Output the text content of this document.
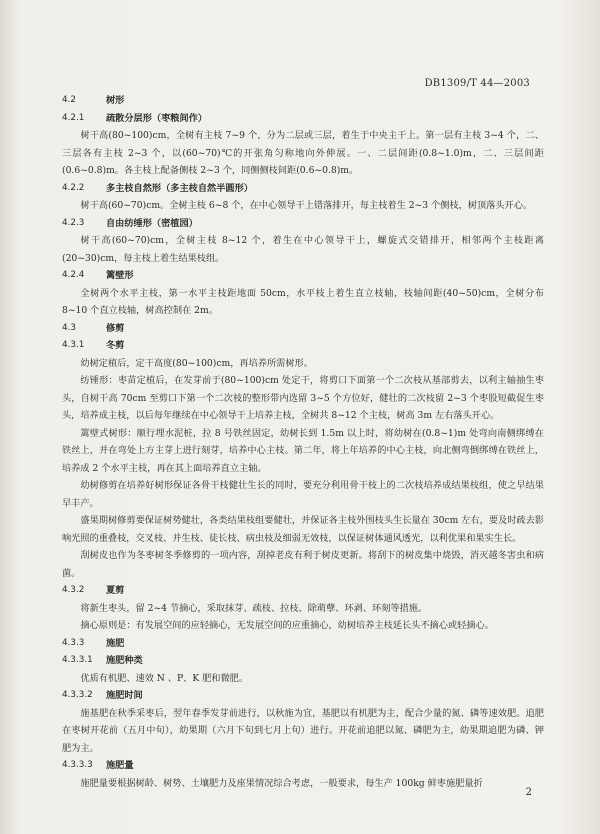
DB1309/T 44—2003
4.2	树形
4.2.1	疏散分层形（枣粮间作）
树干高(80~100)cm，全树有主枝 7~9 个，分为二层或三层，着生于中央主干上。第一层有主枝 3~4 个，二、三层各有主枝 2~3 个，以(60~70)℃的开张角匀称地向外伸展。一、二层间距(0.8~1.0)m，二、三层间距(0.6~0.8)m。各主枝上配备侧枝 2~3 个，同侧侧枝间距(0.6~0.8)m。
4.2.2	多主枝自然形（多主枝自然半圆形）
树干高(60~70)cm。全树主枝 6~8 个，在中心领导干上错落排开，每主枝着生 2~3 个侧枝，树顶落头开心。
4.2.3	自由纺缍形（密植园）
树干高(60~70)cm，全树主枝 8~12 个，着生在中心领导干上，螺旋式交错排开，相邻两个主枝距离(20~30)cm，每主枝上着生结果枝组。
4.2.4	篱壁形
全树两个水平主枝，第一水平主枝距地面 50cm，水平枝上着生直立枝轴，枝轴间距(40~50)cm，全树分布 8~10 个直立枝轴，树高控制在 2m。
4.3	修剪
4.3.1	冬剪
幼树定植后，定干高度(80~100)cm，再培养所需树形。
纺锤形：枣苗定植后，在发芽前于(80~100)cm 处定干，将剪口下面第一个二次枝从基部剪去，以利主轴抽生枣头，自树干高 70cm 至剪口下第一个二次枝的整形带内选留 3~5 个方位好，健壮的二次枝留 2~3 个枣股短截促生枣头，培养成主枝，以后每年继续在中心领导干上培养主枝，全树共 8~12 个主枝，树高 3m 左右落头开心。
篱壁式树形：顺行埋水泥桩，拉 8 号铁丝固定，幼树长到 1.5m 以上时，将幼树在(0.8~1)m 处弯向南侧绑缚在铁丝上，并在弯处上方主芽上进行刻芽，培养中心主枝。第二年，将上年培养的中心主枝，向北侧弯倒绑缚在铁丝上，培养成 2 个水平主枝，再在其上面培养直立主轴。
幼树修剪在培养好树形保证各骨干枝健壮生长的同时，要充分利用骨干枝上的二次枝培养成结果枝组，使之早结果早丰产。
盛果期树修剪要保证树势健壮，各类结果枝组要健壮，并保证各主枝外围枝头生长量在 30cm 左右，要及时疏去影响光照的重叠枝，交叉枝、并生枝、徒长枝、病虫枝及细弱无效枝，以保证树体通风透光，以利优果和果实生长。
刮树皮也作为冬枣树冬季修剪的一项内容，刮掉老皮有利于树皮更新。将刮下的树皮集中烧毁，消灭越冬害虫和病菌。
4.3.2	夏剪
将新生枣头，留 2~4 节摘心，采取抹芽、疏枝、拉枝、除萌孽、环剥、环刻等措施。
摘心原则是：有发展空间的应轻摘心，无发展空间的应重摘心，幼树培养主枝延长头不摘心或轻摘心。
4.3.3	施肥
4.3.3.1	施肥种类
优质有机肥、速效 N 、P、K 肥和微肥。
4.3.3.2	施肥时间
施基肥在秋季采枣后，翌年春季发芽前进行，以秋施为宜，基肥以有机肥为主，配合少量的氮、磷等速效肥。追肥在枣树开花前（五月中旬），幼果期（六月下旬到七月上旬）进行。开花前追肥以氮、磷肥为主，幼果期追肥为磷、钾肥为主。
4.3.3.3	施肥量
施肥量要根据树龄、树势、土壤肥力及座果情况综合考虑，一般要求，每生产 100kg 鲜枣施肥量折
2
